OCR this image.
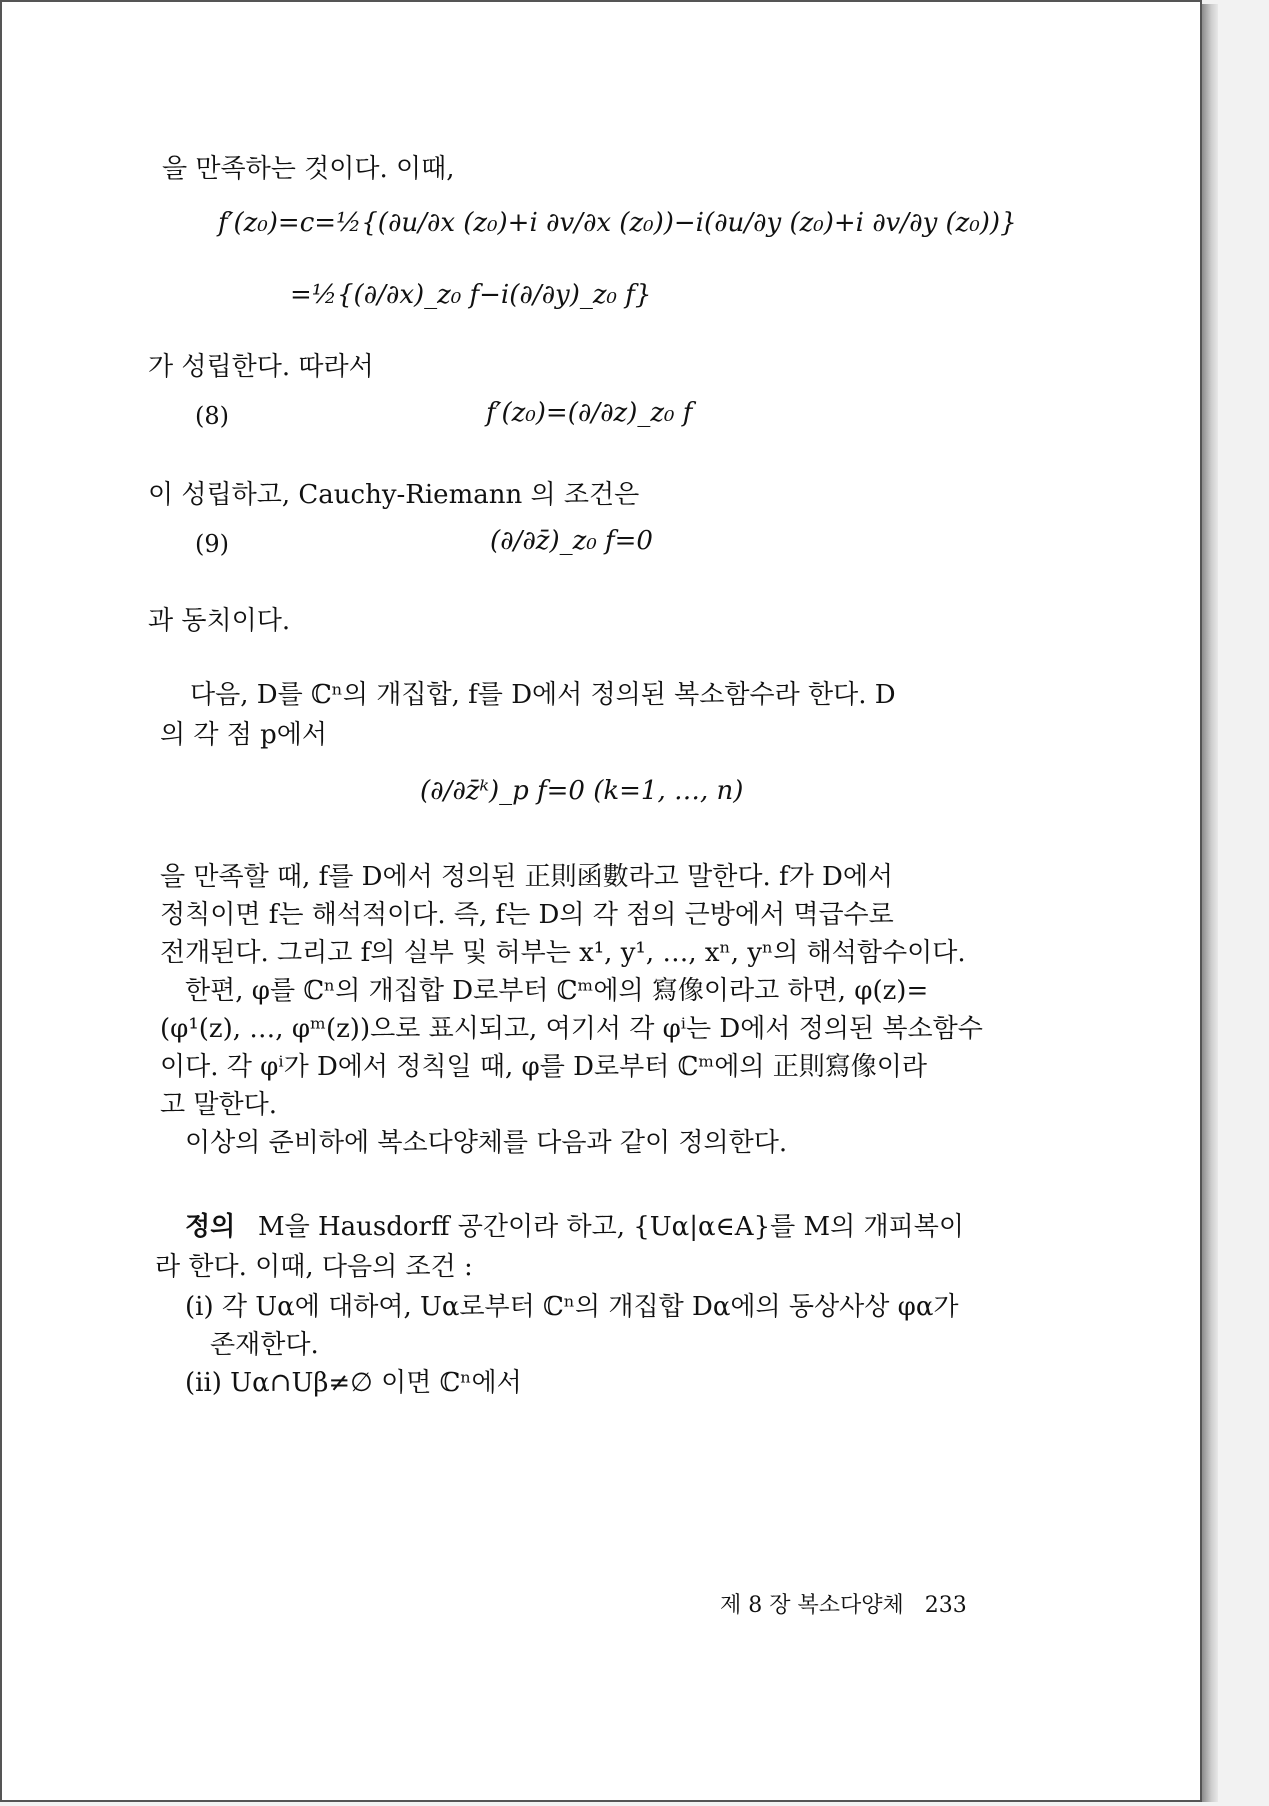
을 만족하는 것이다. 이때,
f′(z₀)=c=½{(∂u/∂x (z₀)+i ∂v/∂x (z₀))−i(∂u/∂y (z₀)+i ∂v/∂y (z₀))}
=½{(∂/∂x)_z₀ f−i(∂/∂y)_z₀ f}
가 성립한다. 따라서
(8)	f′(z₀)=(∂/∂z)_z₀ f
이 성립하고, Cauchy-Riemann 의 조건은
(9)	(∂/∂z̄)_z₀ f=0
과 동치이다.
다음, D를 ℂⁿ의 개집합, f를 D에서 정의된 복소함수라 한다. D
의 각 점 p에서
(∂/∂z̄ᵏ)_p f=0 (k=1, …, n)
을 만족할 때, f를 D에서 정의된 正則函數라고 말한다. f가 D에서
정칙이면 f는 해석적이다. 즉, f는 D의 각 점의 근방에서 멱급수로
전개된다. 그리고 f의 실부 및 허부는 x¹, y¹, …, xⁿ, yⁿ의 해석함수이다.
한편, φ를 ℂⁿ의 개집합 D로부터 ℂᵐ에의 寫像이라고 하면, φ(z)=
(φ¹(z), …, φᵐ(z))으로 표시되고, 여기서 각 φⁱ는 D에서 정의된 복소함수
이다. 각 φⁱ가 D에서 정칙일 때, φ를 D로부터 ℂᵐ에의 正則寫像이라
고 말한다.
이상의 준비하에 복소다양체를 다음과 같이 정의한다.
정의 M을 Hausdorff 공간이라 하고, {Uα|α∈A}를 M의 개피복이
라 한다. 이때, 다음의 조건 :
(i) 각 Uα에 대하여, Uα로부터 ℂⁿ의 개집합 Dα에의 동상사상 φα가
존재한다.
(ii) Uα∩Uβ≠∅ 이면 ℂⁿ에서
제 8 장 복소다양체 233
